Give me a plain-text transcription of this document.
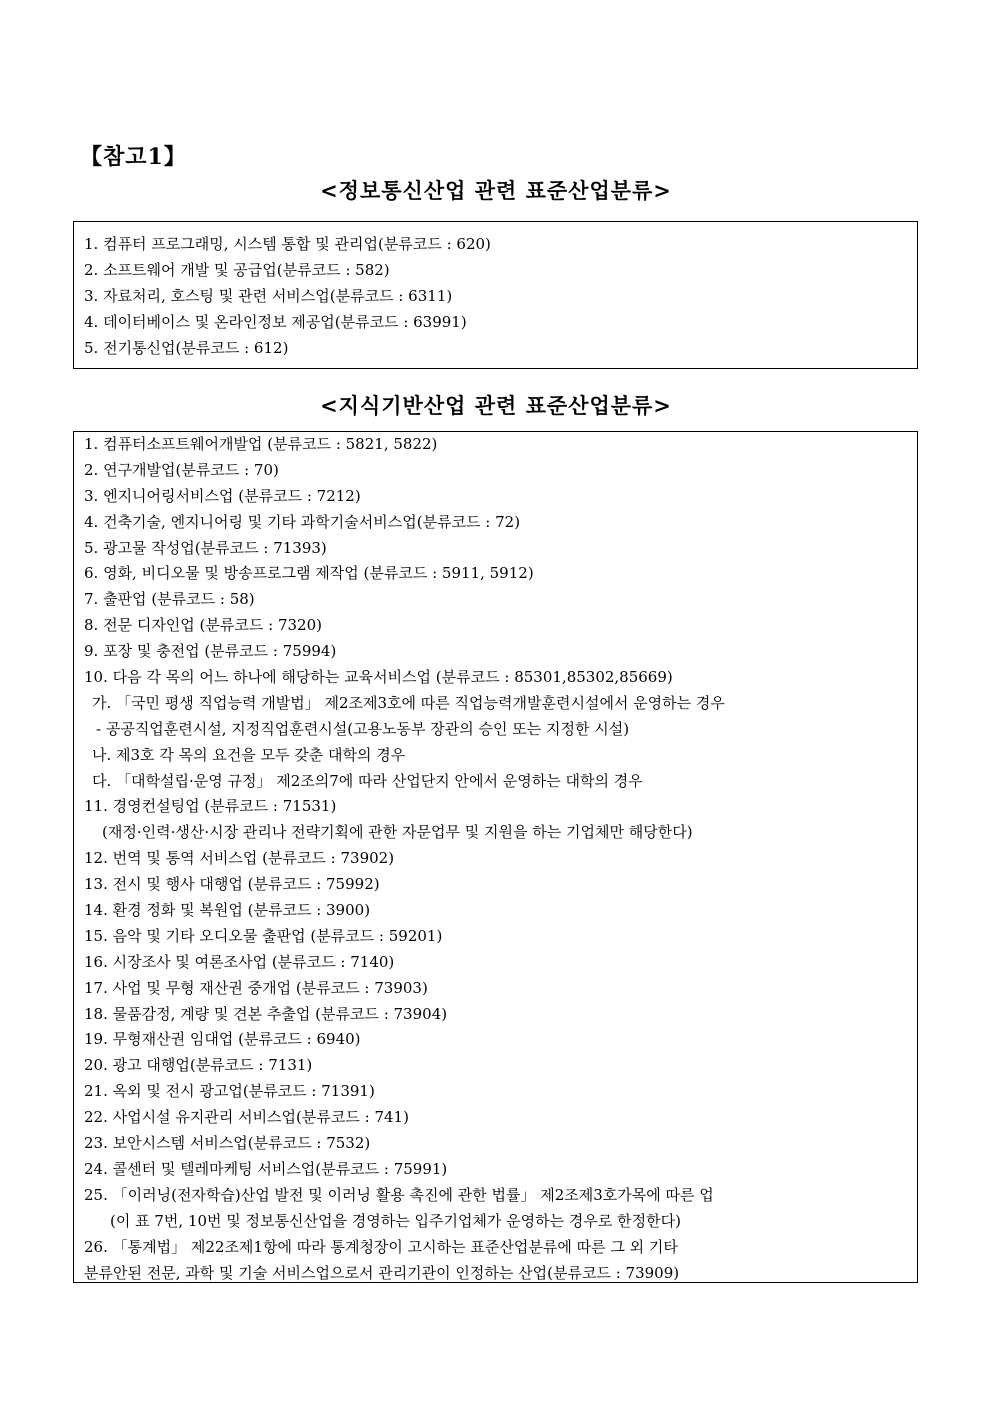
【참고1】
<정보통신산업 관련 표준산업분류>
1. 컴퓨터 프로그래밍, 시스템 통합 및 관리업(분류코드 : 620)
2. 소프트웨어 개발 및 공급업(분류코드 : 582)
3. 자료처리, 호스팅 및 관련 서비스업(분류코드 : 6311)
4. 데이터베이스 및 온라인정보 제공업(분류코드 : 63991)
5. 전기통신업(분류코드 : 612)
<지식기반산업 관련 표준산업분류>
1. 컴퓨터소프트웨어개발업 (분류코드 : 5821, 5822)
2. 연구개발업(분류코드 : 70)
3. 엔지니어링서비스업 (분류코드 : 7212)
4. 건축기술, 엔지니어링 및 기타 과학기술서비스업(분류코드 : 72)
5. 광고물 작성업(분류코드 : 71393)
6. 영화, 비디오물 및 방송프로그램 제작업 (분류코드 : 5911, 5912)
7. 출판업 (분류코드 : 58)
8. 전문 디자인업 (분류코드 : 7320)
9. 포장 및 충전업 (분류코드 : 75994)
10. 다음 각 목의 어느 하나에 해당하는 교육서비스업 (분류코드 : 85301,85302,85669)
가. 「국민 평생 직업능력 개발법」 제2조제3호에 따른 직업능력개발훈련시설에서 운영하는 경우
- 공공직업훈련시설, 지정직업훈련시설(고용노동부 장관의 승인 또는 지정한 시설)
나. 제3호 각 목의 요건을 모두 갖춘 대학의 경우
다. 「대학설립·운영 규정」 제2조의7에 따라 산업단지 안에서 운영하는 대학의 경우
11. 경영컨설팅업 (분류코드 : 71531)
(재정·인력·생산·시장 관리나 전략기획에 관한 자문업무 및 지원을 하는 기업체만 해당한다)
12. 번역 및 통역 서비스업 (분류코드 : 73902)
13. 전시 및 행사 대행업 (분류코드 : 75992)
14. 환경 정화 및 복원업 (분류코드 : 3900)
15. 음악 및 기타 오디오물 출판업 (분류코드 : 59201)
16. 시장조사 및 여론조사업 (분류코드 : 7140)
17. 사업 및 무형 재산권 중개업 (분류코드 : 73903)
18. 물품감정, 계량 및 견본 추출업 (분류코드 : 73904)
19. 무형재산권 임대업 (분류코드 : 6940)
20. 광고 대행업(분류코드 : 7131)
21. 옥외 및 전시 광고업(분류코드 : 71391)
22. 사업시설 유지관리 서비스업(분류코드 : 741)
23. 보안시스템 서비스업(분류코드 : 7532)
24. 콜센터 및 텔레마케팅 서비스업(분류코드 : 75991)
25. 「이러닝(전자학습)산업 발전 및 이러닝 활용 촉진에 관한 법률」 제2조제3호가목에 따른 업
(이 표 7번, 10번 및 정보통신산업을 경영하는 입주기업체가 운영하는 경우로 한정한다)
26. 「통계법」 제22조제1항에 따라 통계청장이 고시하는 표준산업분류에 따른 그 외 기타
분류안된 전문, 과학 및 기술 서비스업으로서 관리기관이 인정하는 산업(분류코드 : 73909)
